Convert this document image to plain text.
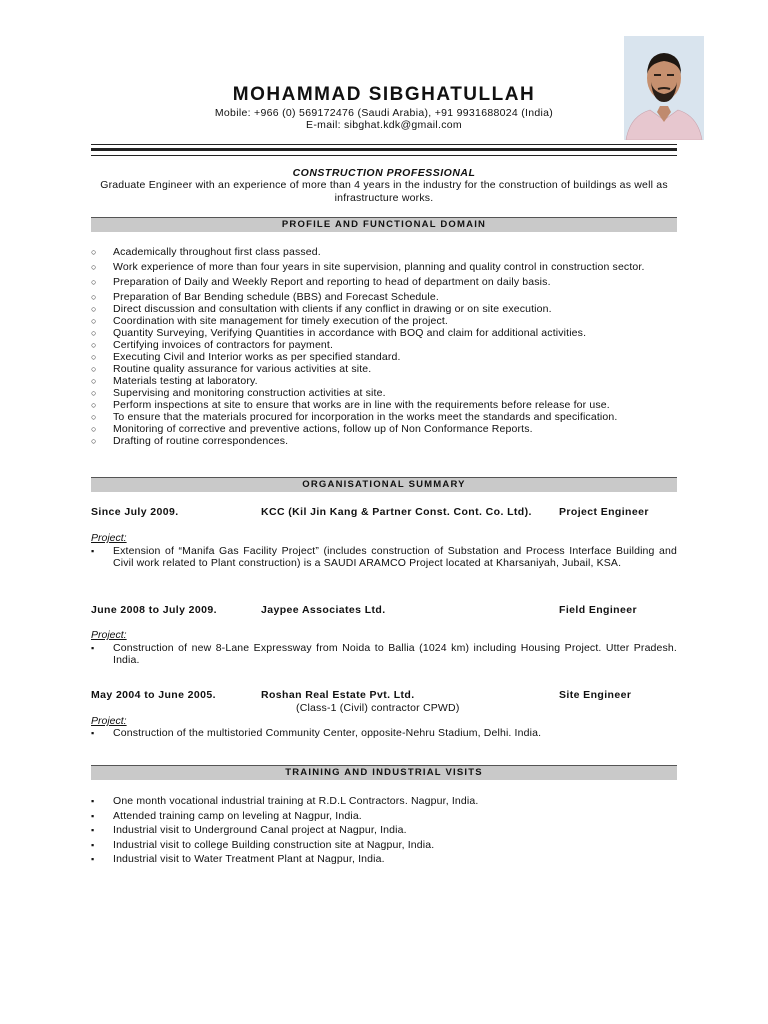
MOHAMMAD SIBGHATULLAH
Mobile: +966 (0) 569172476 (Saudi Arabia), +91 9931688024 (India)
E-mail: sibghat.kdk@gmail.com
CONSTRUCTION PROFESSIONAL
Graduate Engineer with an experience of more than 4 years in the industry for the construction of buildings as well as infrastructure works.
PROFILE AND FUNCTIONAL DOMAIN
○ Academically throughout first class passed.
○ Work experience of more than four years in site supervision, planning and quality control in construction sector.
○ Preparation of Daily and Weekly Report and reporting to head of department on daily basis.
○ Preparation of Bar Bending schedule (BBS) and Forecast Schedule.
○ Direct discussion and consultation with clients if any conflict in drawing or on site execution.
○ Coordination with site management for timely execution of the project.
○ Quantity Surveying, Verifying Quantities in accordance with BOQ and claim for additional activities.
○ Certifying invoices of contractors for payment.
○ Executing Civil and Interior works as per specified standard.
○ Routine quality assurance for various activities at site.
○ Materials testing at laboratory.
○ Supervising and monitoring construction activities at site.
○ Perform inspections at site to ensure that works are in line with the requirements before release for use.
○ To ensure that the materials procured for incorporation in the works meet the standards and specification.
○ Monitoring of corrective and preventive actions, follow up of Non Conformance Reports.
○ Drafting of routine correspondences.
ORGANISATIONAL SUMMARY
Since July 2009.	KCC (Kil Jin Kang & Partner Const. Cont. Co. Ltd).	Project Engineer
Project:
▪ Extension of “Manifa Gas Facility Project” (includes construction of Substation and Process Interface Building and Civil work related to Plant construction) is a SAUDI ARAMCO Project located at Kharsaniyah, Jubail, KSA.
June 2008 to July 2009.	Jaypee Associates Ltd.	Field Engineer
Project:
▪ Construction of new 8-Lane Expressway from Noida to Ballia (1024 km) including Housing Project. Utter Pradesh. India.
May 2004 to June 2005.	Roshan Real Estate Pvt. Ltd.	Site Engineer
(Class-1 (Civil) contractor CPWD)
Project:
▪ Construction of the multistoried Community Center, opposite-Nehru Stadium, Delhi. India.
TRAINING AND INDUSTRIAL VISITS
▪ One month vocational industrial training at R.D.L Contractors. Nagpur, India.
▪ Attended training camp on leveling at Nagpur, India.
▪ Industrial visit to Underground Canal project at Nagpur, India.
▪ Industrial visit to college Building construction site at Nagpur, India.
▪ Industrial visit to Water Treatment Plant at Nagpur, India.
